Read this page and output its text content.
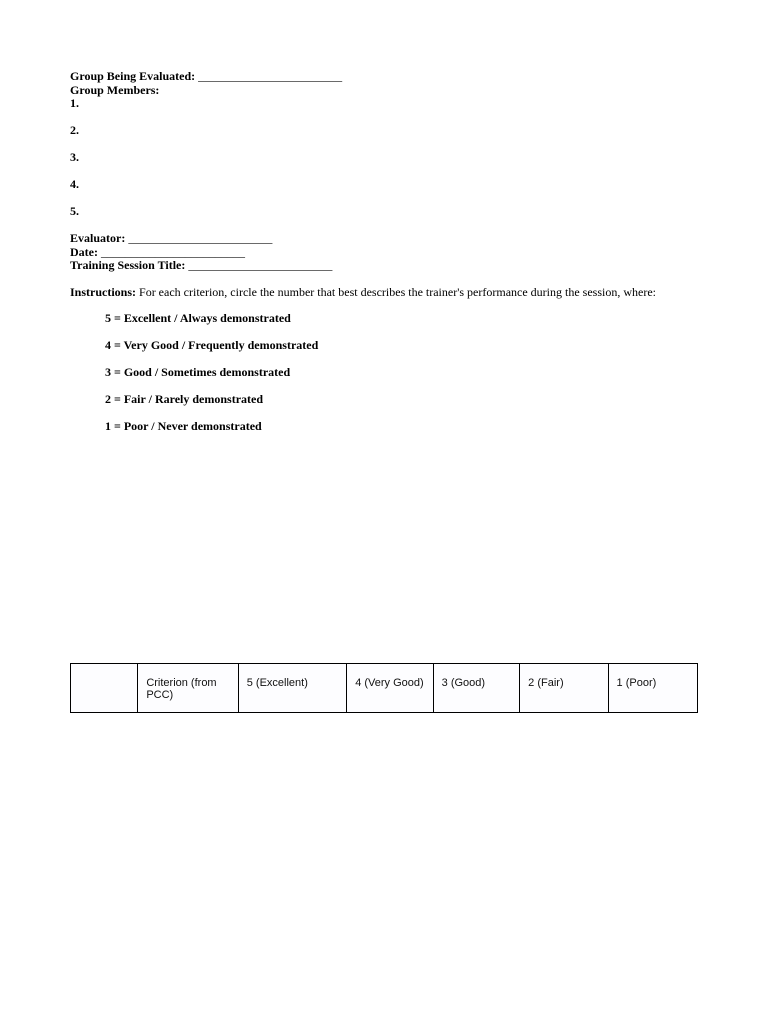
Group Being Evaluated: ________________________
Group Members:
1.
2.
3.
4.
5.
Evaluator: ________________________
Date: ________________________
Training Session Title: ________________________
Instructions: For each criterion, circle the number that best describes the trainer's performance during the session, where:
5 = Excellent / Always demonstrated
4 = Very Good / Frequently demonstrated
3 = Good / Sometimes demonstrated
2 = Fair / Rarely demonstrated
1 = Poor / Never demonstrated
	Criterion (from PCC)	5 (Excellent)	4 (Very Good)	3 (Good)	2 (Fair)	1 (Poor)
